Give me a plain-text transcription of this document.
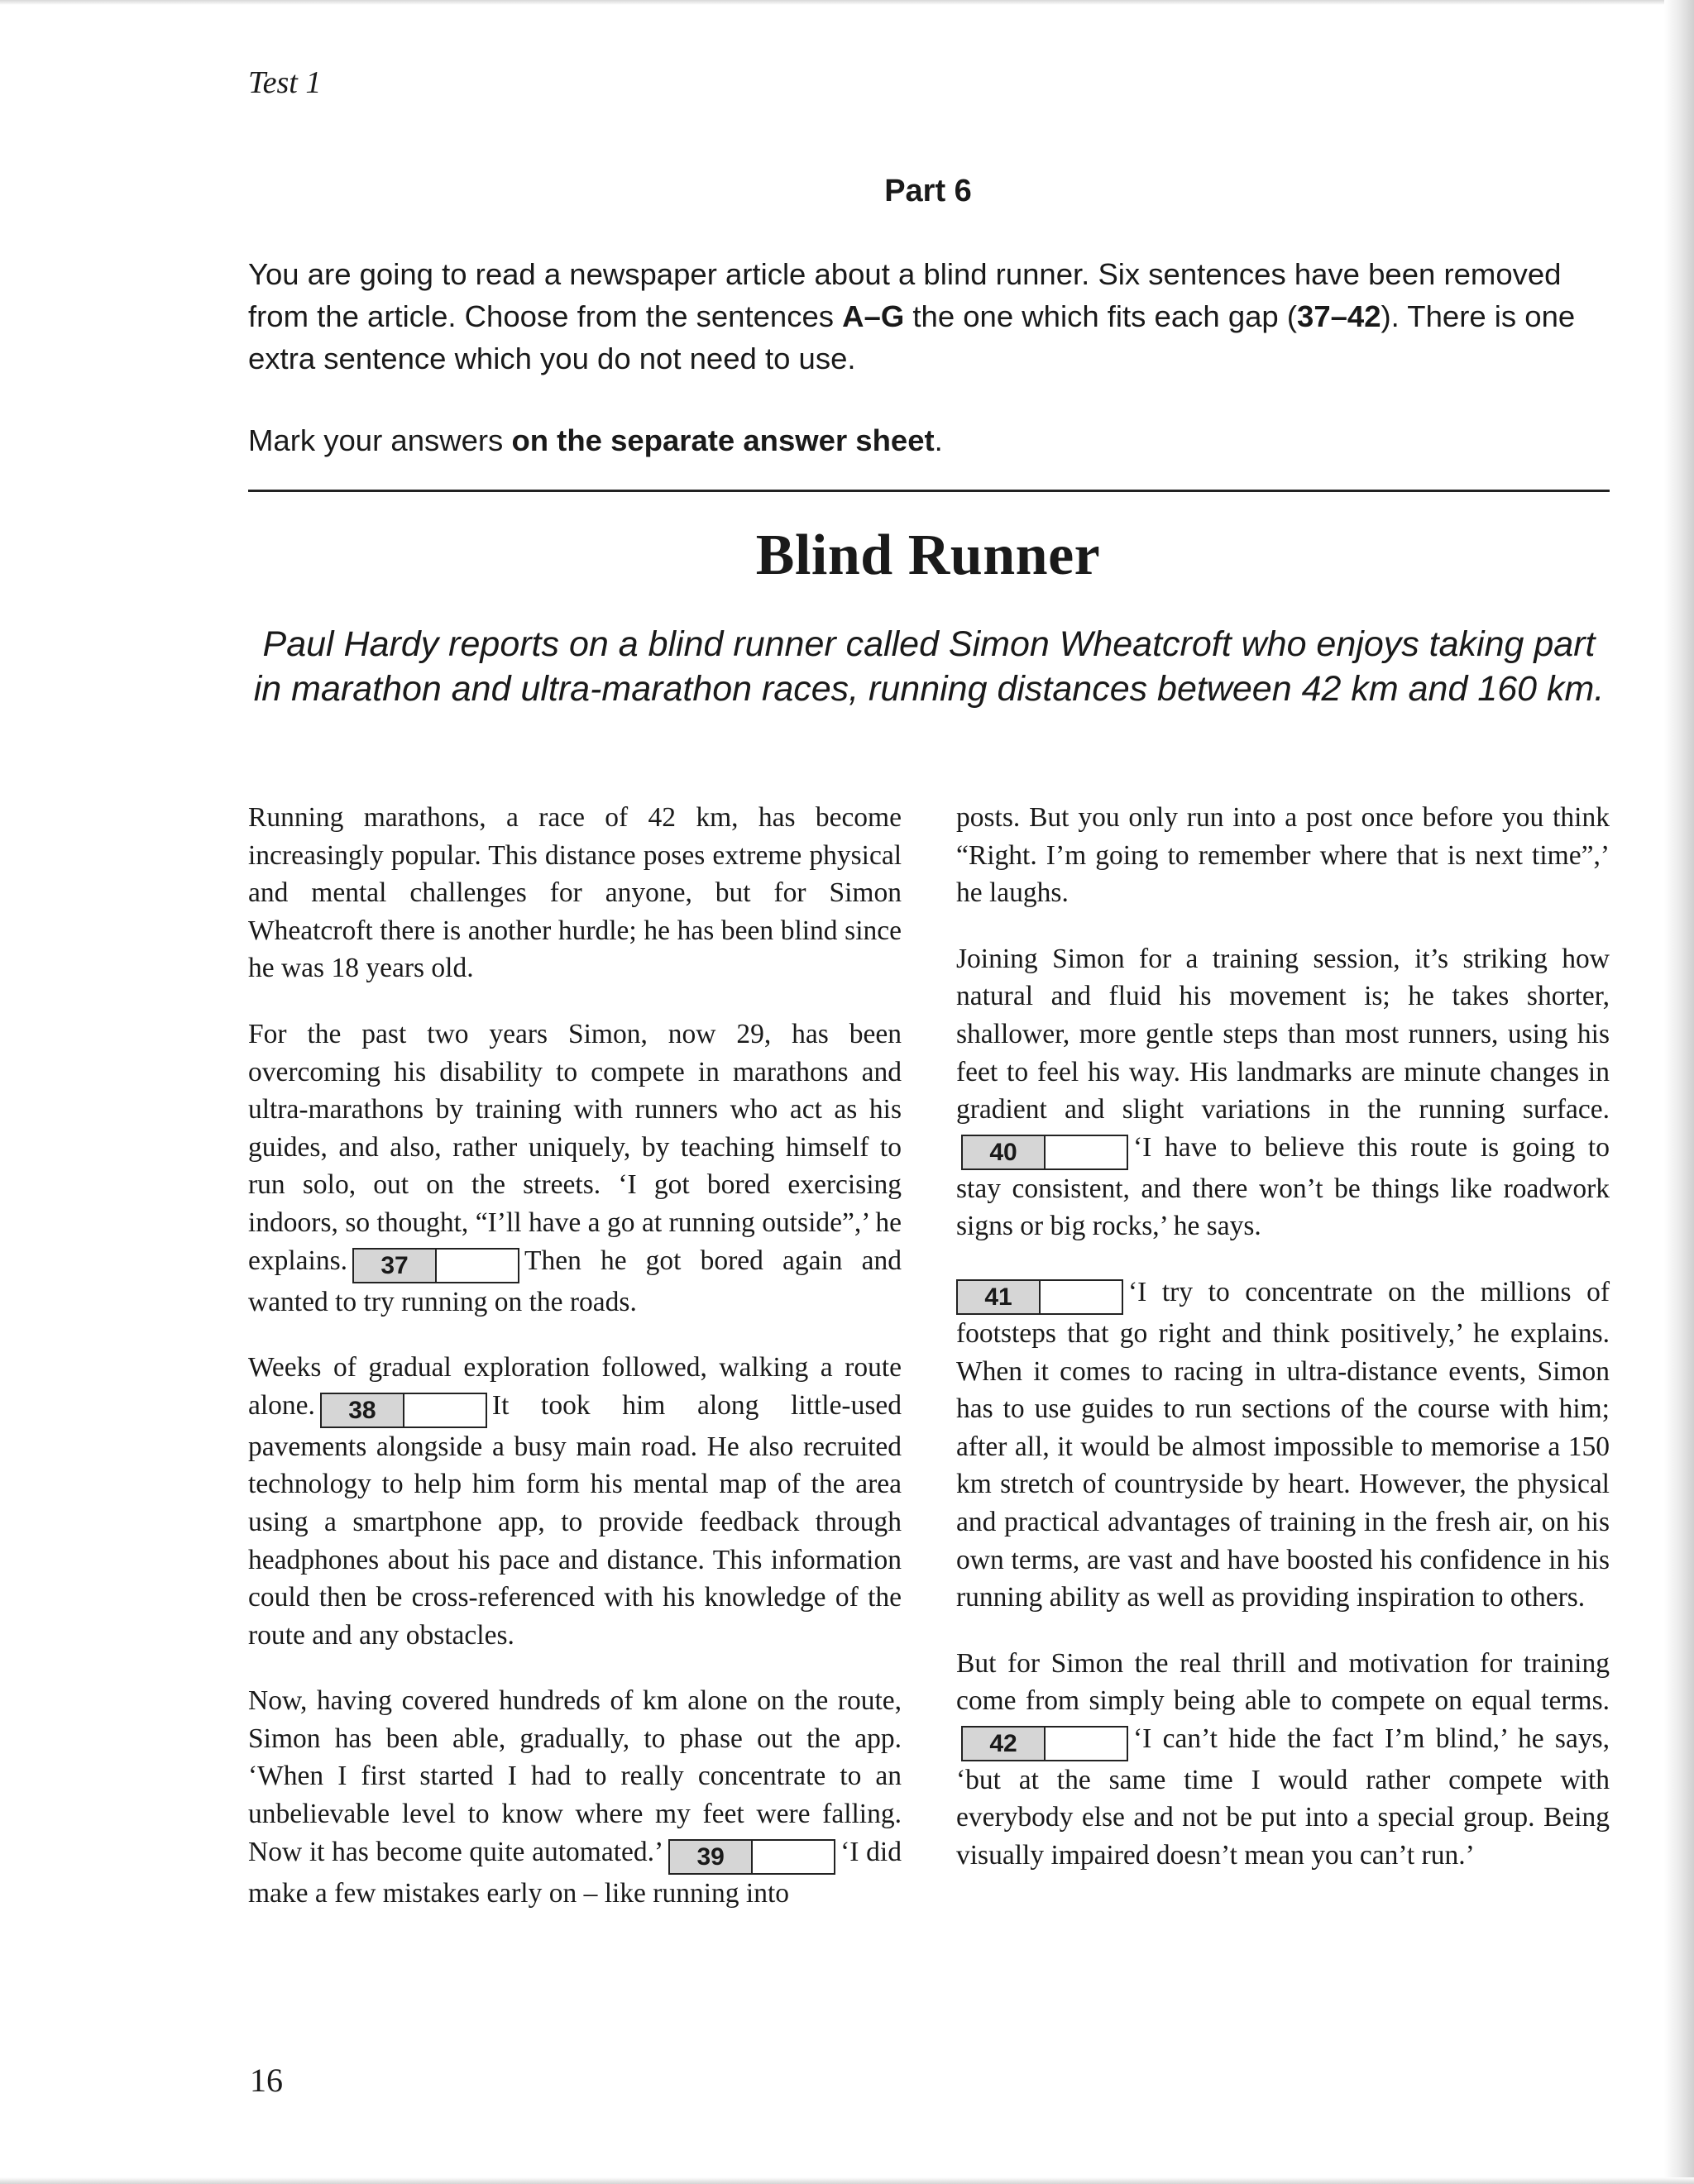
Test 1
Part 6

You are going to read a newspaper article about a blind runner. Six sentences have been removed from the article. Choose from the sentences A–G the one which fits each gap (37–42). There is one extra sentence which you do not need to use.

Mark your answers on the separate answer sheet.

Blind Runner
Paul Hardy reports on a blind runner called Simon Wheatcroft who enjoys taking part in marathon and ultra-marathon races, running distances between 42 km and 160 km.

Running marathons, a race of 42 km, has become increasingly popular. This distance poses extreme physical and mental challenges for anyone, but for Simon Wheatcroft there is another hurdle; he has been blind since he was 18 years old.

For the past two years Simon, now 29, has been overcoming his disability to compete in marathons and ultra-marathons by training with runners who act as his guides, and also, rather uniquely, by teaching himself to run solo, out on the streets. ‘I got bored exercising indoors, so thought, “I’ll have a go at running outside”,’ he explains.	37	Then he got bored again and wanted to try running on the roads.

Weeks of gradual exploration followed, walking a route alone.	38	It took him along little-used pavements alongside a busy main road. He also recruited technology to help him form his mental map of the area using a smartphone app, to provide feedback through headphones about his pace and distance. This information could then be cross-referenced with his knowledge of the route and any obstacles.

Now, having covered hundreds of km alone on the route, Simon has been able, gradually, to phase out the app. ‘When I first started I had to really concentrate to an unbelievable level to know where my feet were falling. Now it has become quite automated.’	39	‘I did make a few mistakes early on – like running into

posts. But you only run into a post once before you think “Right. I’m going to remember where that is next time”,’ he laughs.

Joining Simon for a training session, it’s striking how natural and fluid his movement is; he takes shorter, shallower, more gentle steps than most runners, using his feet to feel his way. His landmarks are minute changes in gradient and slight variations in the running surface.
40	‘I have to believe this route is going to stay consistent, and there won’t be things like roadwork signs or big rocks,’ he says.

41	‘I try to concentrate on the millions of footsteps that go right and think positively,’ he explains. When it comes to racing in ultra-distance events, Simon has to use guides to run sections of the course with him; after all, it would be almost impossible to memorise a 150 km stretch of countryside by heart. However, the physical and practical advantages of training in the fresh air, on his own terms, are vast and have boosted his confidence in his running ability as well as providing inspiration to others.

But for Simon the real thrill and motivation for training come from simply being able to compete on equal terms.
42	‘I can’t hide the fact I’m blind,’ he says, ‘but at the same time I would rather compete with everybody else and not be put into a special group. Being visually impaired doesn’t mean you can’t run.’

16
